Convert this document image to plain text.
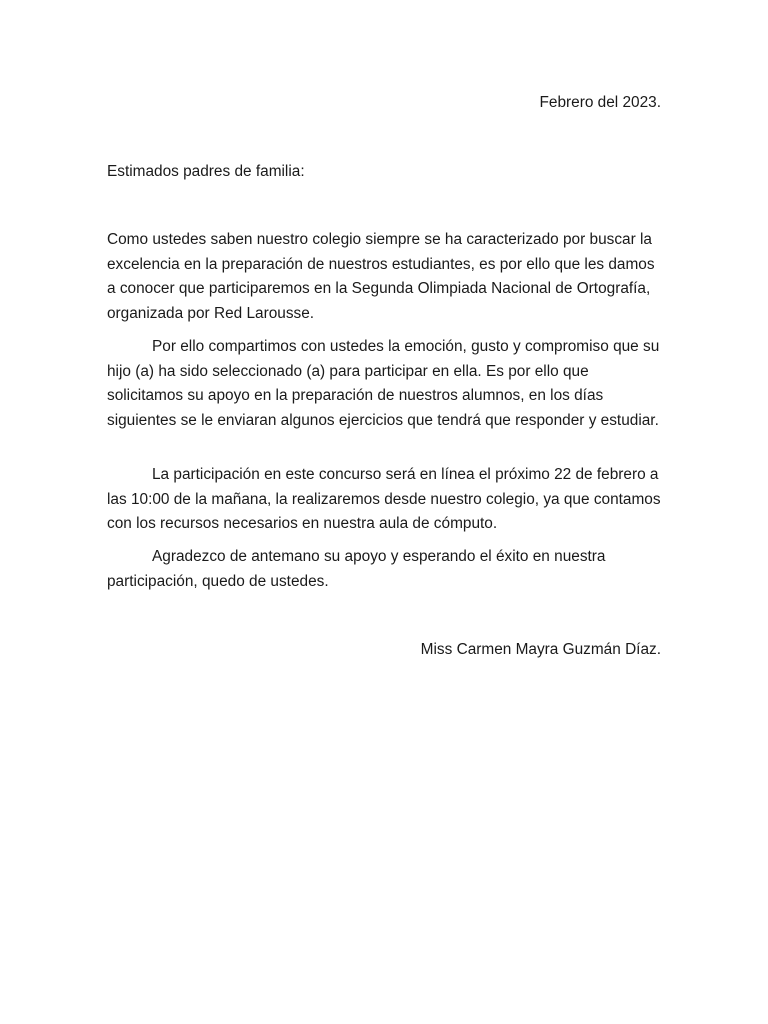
Febrero del 2023.
Estimados padres de familia:

Como ustedes saben nuestro colegio siempre se ha caracterizado por buscar la excelencia en la preparación de nuestros estudiantes, es por ello que les damos a conocer que participaremos en la Segunda Olimpiada Nacional de Ortografía, organizada por Red Larousse.

Por ello compartimos con ustedes la emoción, gusto y compromiso que su hijo (a) ha sido seleccionado (a) para participar en ella. Es por ello que solicitamos su apoyo en la preparación de nuestros alumnos, en los días siguientes se le enviaran algunos ejercicios que tendrá que responder y estudiar.

La participación en este concurso será en línea el próximo 22 de febrero a las 10:00 de la mañana, la realizaremos desde nuestro colegio, ya que contamos con los recursos necesarios en nuestra aula de cómputo.

Agradezco de antemano su apoyo y esperando el éxito en nuestra participación, quedo de ustedes.

Miss Carmen Mayra Guzmán Díaz.
